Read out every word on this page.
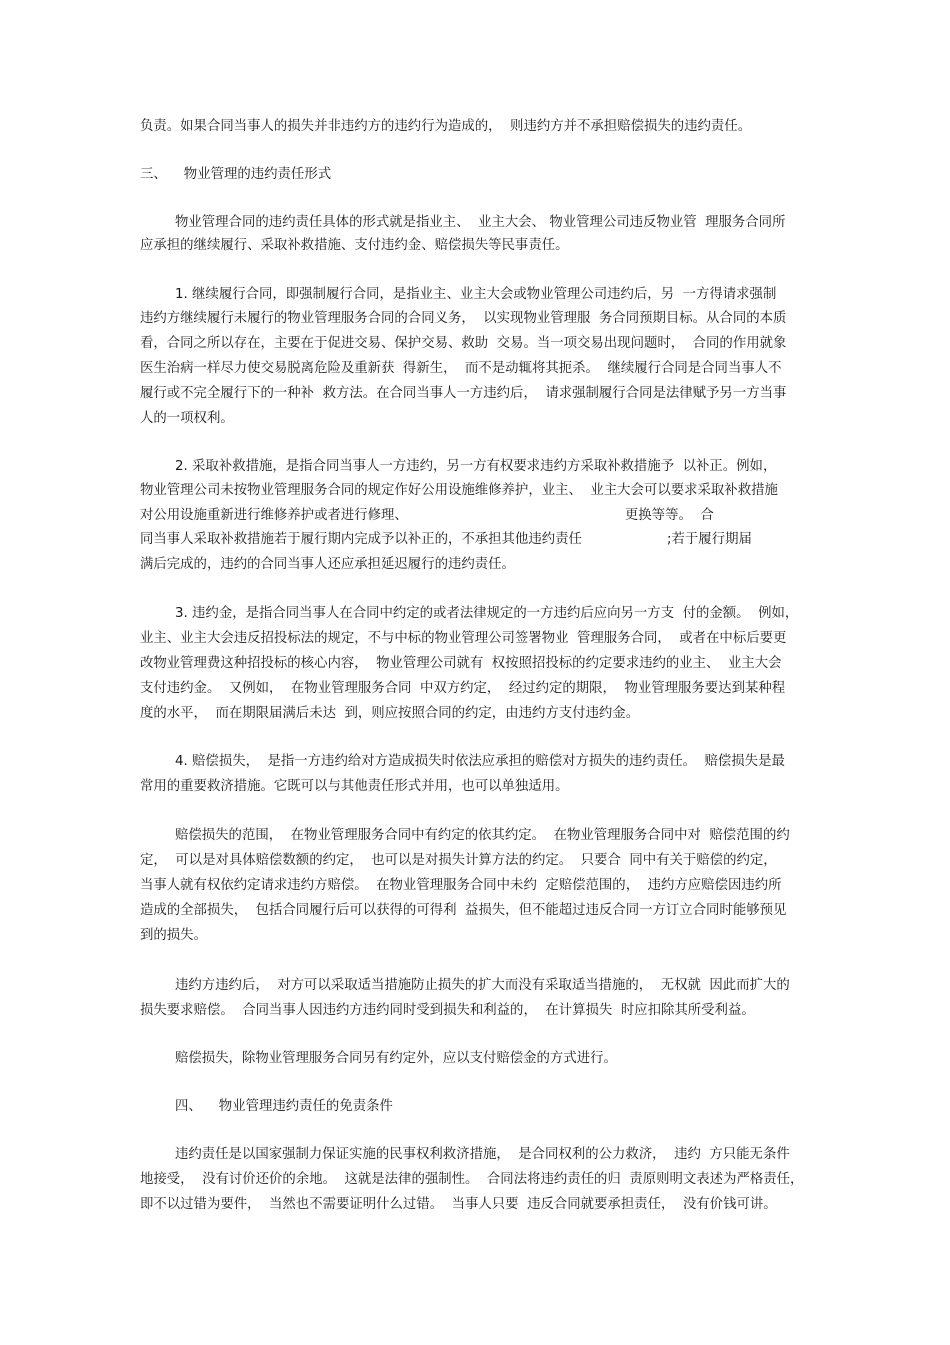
负责。如果合同当事人的损失并非违约方的违约行为造成的，  则违约方并不承担赔偿损失的违约责任。
三、    物业管理的违约责任形式
物业管理合同的违约责任具体的形式就是指业主、  业主大会、 物业管理公司违反物业管  理服务合同所
应承担的继续履行、采取补救措施、支付违约金、赔偿损失等民事责任。
1. 继续履行合同，即强制履行合同，是指业主、业主大会或物业管理公司违约后，另  一方得请求强制
违约方继续履行未履行的物业管理服务合同的合同义务，  以实现物业管理服  务合同预期目标。从合同的本质
看，合同之所以存在，主要在于促进交易、保护交易、救助  交易。当一项交易出现问题时，  合同的作用就象
医生治病一样尽力使交易脱离危险及重新获  得新生，  而不是动辄将其扼杀。  继续履行合同是合同当事人不
履行或不完全履行下的一种补  救方法。在合同当事人一方违约后，  请求强制履行合同是法律赋予另一方当事
人的一项权利。
2. 采取补救措施，是指合同当事人一方违约，另一方有权要求违约方采取补救措施予  以补正。例如，
物业管理公司未按物业管理服务合同的规定作好公用设施维修养护，业主、  业主大会可以要求采取补救措施
对公用设施重新进行维修养护或者进行修理、                                                   更换等等。  合
同当事人采取补救措施若于履行期内完成予以补正的，不承担其他违约责任                    ;若于履行期届
满后完成的，违约的合同当事人还应承担延迟履行的违约责任。
3. 违约金，是指合同当事人在合同中约定的或者法律规定的一方违约后应向另一方支  付的金额。  例如，
业主、业主大会违反招投标法的规定，不与中标的物业管理公司签署物业  管理服务合同，  或者在中标后要更
改物业管理费这种招投标的核心内容，  物业管理公司就有  权按照招投标的约定要求违约的业主、  业主大会
支付违约金。  又例如，  在物业管理服务合同  中双方约定，  经过约定的期限，  物业管理服务要达到某种程
度的水平，  而在期限届满后未达  到，则应按照合同的约定，由违约方支付违约金。
4. 赔偿损失，  是指一方违约给对方造成损失时依法应承担的赔偿对方损失的违约责任。  赔偿损失是最
常用的重要救济措施。它既可以与其他责任形式并用，也可以单独适用。
赔偿损失的范围，  在物业管理服务合同中有约定的依其约定。  在物业管理服务合同中对  赔偿范围的约
定，  可以是对具体赔偿数额的约定，  也可以是对损失计算方法的约定。  只要合  同中有关于赔偿的约定，
当事人就有权依约定请求违约方赔偿。  在物业管理服务合同中未约  定赔偿范围的，  违约方应赔偿因违约所
造成的全部损失，  包括合同履行后可以获得的可得利  益损失，但不能超过违反合同一方订立合同时能够预见
到的损失。
违约方违约后，  对方可以采取适当措施防止损失的扩大而没有采取适当措施的，  无权就  因此而扩大的
损失要求赔偿。  合同当事人因违约方违约同时受到损失和利益的，  在计算损失  时应扣除其所受利益。
赔偿损失，除物业管理服务合同另有约定外，应以支付赔偿金的方式进行。
四、    物业管理违约责任的免责条件
违约责任是以国家强制力保证实施的民事权利救济措施，  是合同权利的公力救济，  违约  方只能无条件
地接受，  没有讨价还价的余地。  这就是法律的强制性。  合同法将违约责任的归  责原则明文表述为严格责任，
即不以过错为要件，  当然也不需要证明什么过错。  当事人只要  违反合同就要承担责任，  没有价钱可讲。
